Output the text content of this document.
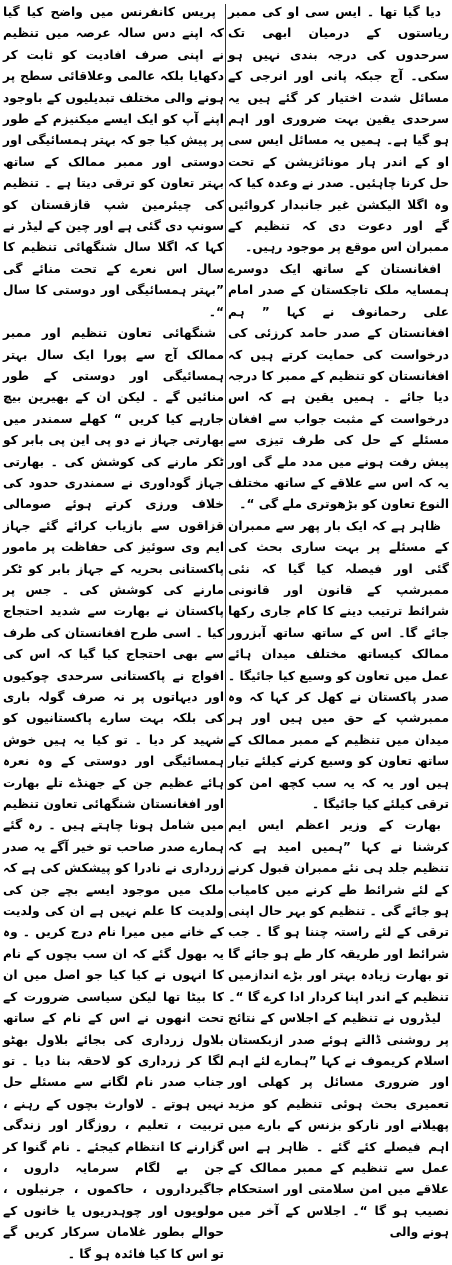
دیا گیا تھا ۔ ایس سی او کی ممبر ریاستوں کے درمیان ابھی تک سرحدوں کی درجہ بندی نہیں ہو سکی۔ آج جبکہ پانی اور انرجی کے مسائل شدت اختیار کر گئے ہیں یہ سرحدی یقین بہت ضروری اور اہم ہو گیا ہے۔ ہمیں یہ مسائل ایس سی او کے اندر ہار مونائزیشن کے تحت حل کرنا چاہئیں۔ صدر نے وعدہ کیا کہ وہ اگلا الیکشن غیر جانبدار کروائیں گے اور دعوت دی کہ تنظیم کے ممبران اس موقع پر موجود رہیں۔

افغانستان کے ساتھ ایک دوسرے ہمسایہ ملک تاجکستان کے صدر امام علی رحمانوف نے کہا ” ہم افغانستان کے صدر حامد کرزئی کی درخواست کی حمایت کرتے ہیں کہ افغانستان کو تنظیم کے ممبر کا درجہ دیا جائے ۔ ہمیں یقین ہے کہ اس درخواست کے مثبت جواب سے افغان مسئلے کے حل کی طرف تیزی سے پیش رفت ہونے میں مدد ملے گی اور یہ کہ اس سے علاقے کے ساتھ مختلف النوع تعاون کو بڑھوتری ملے گی “۔

ظاہر ہے کہ ایک بار پھر سے ممبران کے مسئلے پر بہت ساری بحث کی گئی اور فیصلہ کیا گیا کہ نئی ممبرشپ کے قانون اور قانونی شرائط ترتیب دینے کا کام جاری رکھا جائے گا۔ اس کے ساتھ ساتھ آبزرور ممالک کیساتھ مختلف میدان ہائے عمل میں تعاون کو وسیع کیا جائیگا ۔ صدر پاکستان نے کھل کر کہا کہ وہ ممبرشپ کے حق میں ہیں اور ہر میدان میں تنظیم کے ممبر ممالک کے ساتھ تعاون کو وسیع کرنے کیلئے تیار ہیں اور یہ کہ یہ سب کچھ امن کو ترقی کیلئے کیا جائیگا ۔

بھارت کے وزیر اعظم ایس ایم کرشنا نے کہا ”ہمیں امید ہے کہ تنظیم جلد ہی نئے ممبران قبول کرنے کے لئے شرائط طے کرنے میں کامیاب ہو جائے گی ۔ تنظیم کو بہر حال اپنی ترقی کے لئے راستہ چننا ہو گا ۔ جب شرائط اور طریقہ کار طے ہو جائے گا تو بھارت زیادہ بہتر اور بڑے اندازمیں تنظیم کے اندر اپنا کردار ادا کرے گا “۔

لیڈروں نے تنظیم کے اجلاس کے نتائج پر روشنی ڈالتے ہوئے صدر ازبکستان اسلام کریموف نے کہا ”ہمارے لئے اہم اور ضروری مسائل پر کھلی اور تعمیری بحث ہوئی تنظیم کو مزید پھیلانے اور نارکو بزنس کے بارے میں اہم فیصلے کئے گئے ۔ ظاہر ہے اس عمل سے تنظیم کے ممبر ممالک کے علاقے میں امن سلامتی اور استحکام نصیب ہو گا “۔ اجلاس کے آخر میں ہونے والی

پریس کانفرنس میں واضح کیا گیا کہ اپنے دس سالہ عرصہ میں تنظیم نے اپنی صرف افادیت کو ثابت کر دکھایا بلکہ عالمی وعلاقائی سطح پر ہونے والی مختلف تبدیلیوں کے باوجود اپنے آپ کو ایک ایسے میکنیزم کے طور پر پیش کیا جو کہ بہتر ہمسائیگی اور دوستی اور ممبر ممالک کے ساتھ بہتر تعاون کو ترقی دیتا ہے ۔ تنظیم کی چیئرمین شپ قازقستان کو سونپ دی گئی ہے اور چین کے لیڈر نے کہا کہ اگلا سال شنگھائی تنظیم کا سال اس نعرے کے تحت منائے گی ”بہتر ہمسائیگی اور دوستی کا سال “۔

شنگھائی تعاون تنظیم اور ممبر ممالک آج سے پورا ایک سال بہتر ہمسائیگی اور دوستی کے طور منائیں گے ۔ لیکن ان کے بھیرین بیچ جارہے کیا کریں “ کھلے سمندر میں بھارتی جہاز نے دو پی این پی بابر کو ٹکر مارنے کی کوشش کی ۔ بھارتی جہاز گوداوری نے سمندری حدود کی خلاف ورزی کرتے ہوئے صومالی قزاقوں سے بازیاب کرائے گئے جہاز ایم وی سوئیز کی حفاظت پر مامور پاکستانی بحریہ کے جہاز بابر کو ٹکر مارنے کی کوشش کی ۔ جس پر پاکستان نے بھارت سے شدید احتجاج کیا ۔ اسی طرح افغانستان کی طرف سے بھی احتجاج کیا گیا کہ اس کی افواج نے پاکستانی سرحدی چوکیوں اور دیہاتوں پر نہ صرف گولہ باری کی بلکہ بہت سارے پاکستانیوں کو شہید کر دیا ۔ تو کیا یہ ہیں خوش ہمسائیگی اور دوستی کے وہ نعرہ ہائے عظیم جن کے جھنڈے تلے بھارت اور افغانستان شنگھائی تعاون تنظیم میں شامل ہونا چاہتے ہیں ۔ رہ گئے ہمارے صدر صاحب تو خیر آگے یہ صدر زرداری نے نادرا کو پیشکش کی ہے کہ ملک میں موجود ایسے بچے جن کی ولدیت کا علم نہیں ہے ان کی ولدیت کے خانے میں میرا نام درج کریں ۔ وہ یہ بھول گئے کہ ان سب بچوں کے نام کا انہوں نے کیا کیا جو اصل میں ان کا بیٹا تھا لیکن سیاسی ضرورت کے تحت انھوں نے اس کے نام کے ساتھ بلاول زرداری کی بجائے بلاول بھٹو لگا کر زرداری کو لاحقہ بنا دیا ۔ تو جناب صدر نام لگانے سے مسئلے حل نہیں ہوتے ۔ لاوارث بچوں کے رہنے ، تربیت ، تعلیم ، روزگار اور زندگی گزارنے کا انتظام کیجئے ۔ نام گنوا کر جن بے لگام سرمایہ داروں ، جاگیرداروں ، حاکموں ، جرنیلوں ، مولویوں اور چوہدریوں یا خانوں کے حوالے بطور غلامان سرکار کریں گے تو اس کا کیا فائدہ ہو گا ۔
